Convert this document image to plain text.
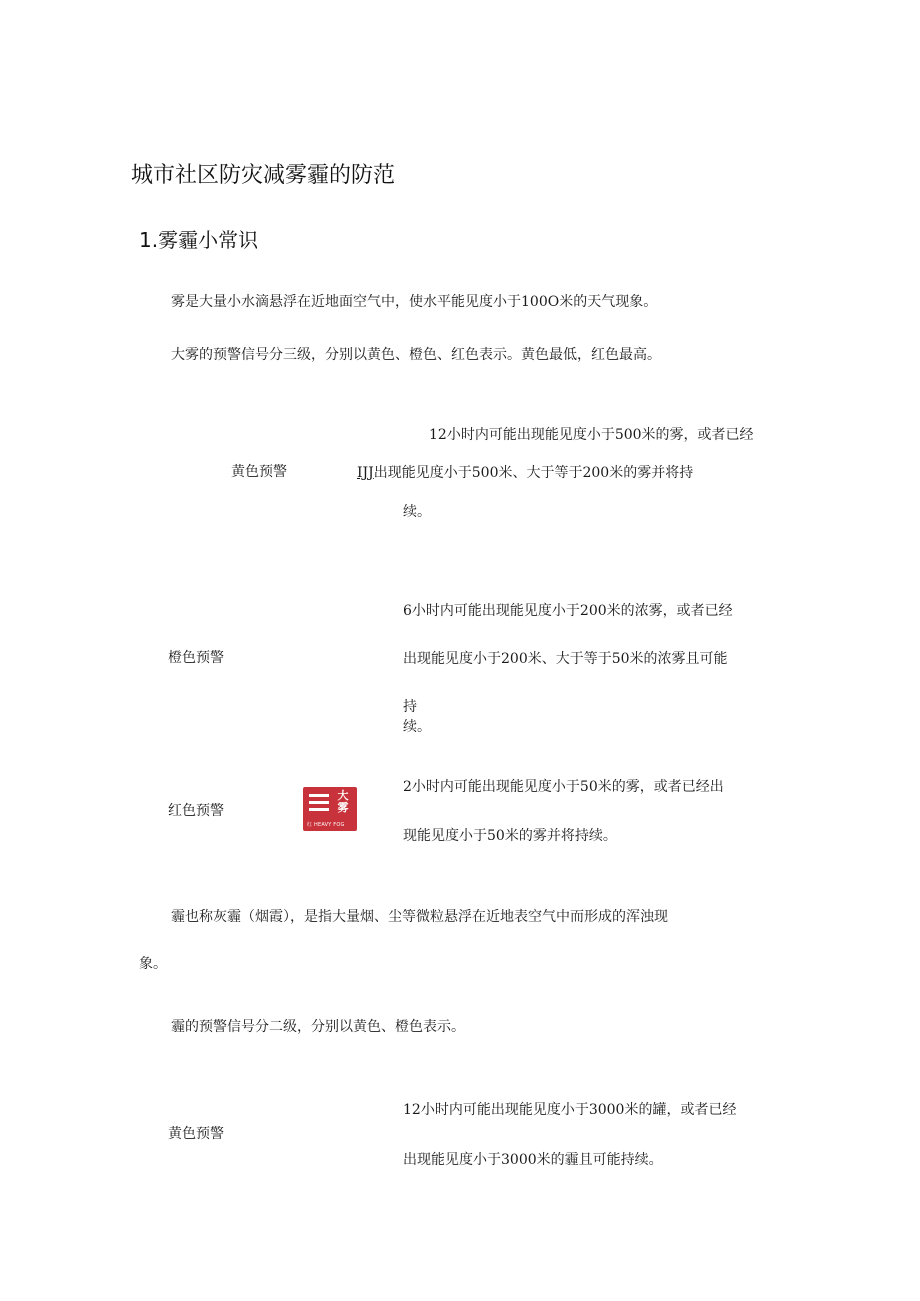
城市社区防灾减雾霾的防范
1.雾霾小常识
雾是大量小水滴悬浮在近地面空气中，使水平能见度小于100O米的天气现象。
大雾的预警信号分三级，分别以黄色、橙色、红色表示。黄色最低，红色最高。
12小时内可能出现能见度小于500米的雾，或者已经
黄色预警	IJJ出现能见度小于500米、大于等于200米的雾并将持
续。
6小时内可能出现能见度小于200米的浓雾，或者已经
橙色预警	出现能见度小于200米、大于等于50米的浓雾且可能
持
续。
2小时内可能出现能见度小于50米的雾，或者已经出
红色预警
大雾
红 HEAVY FOG
现能见度小于50米的雾并将持续。
霾也称灰霾（烟霞），是指大量烟、尘等微粒悬浮在近地表空气中而形成的浑浊现
象。
霾的预警信号分二级，分别以黄色、橙色表示。
12小时内可能出现能见度小于3000米的罐，或者已经
黄色预警
出现能见度小于3000米的霾且可能持续。
